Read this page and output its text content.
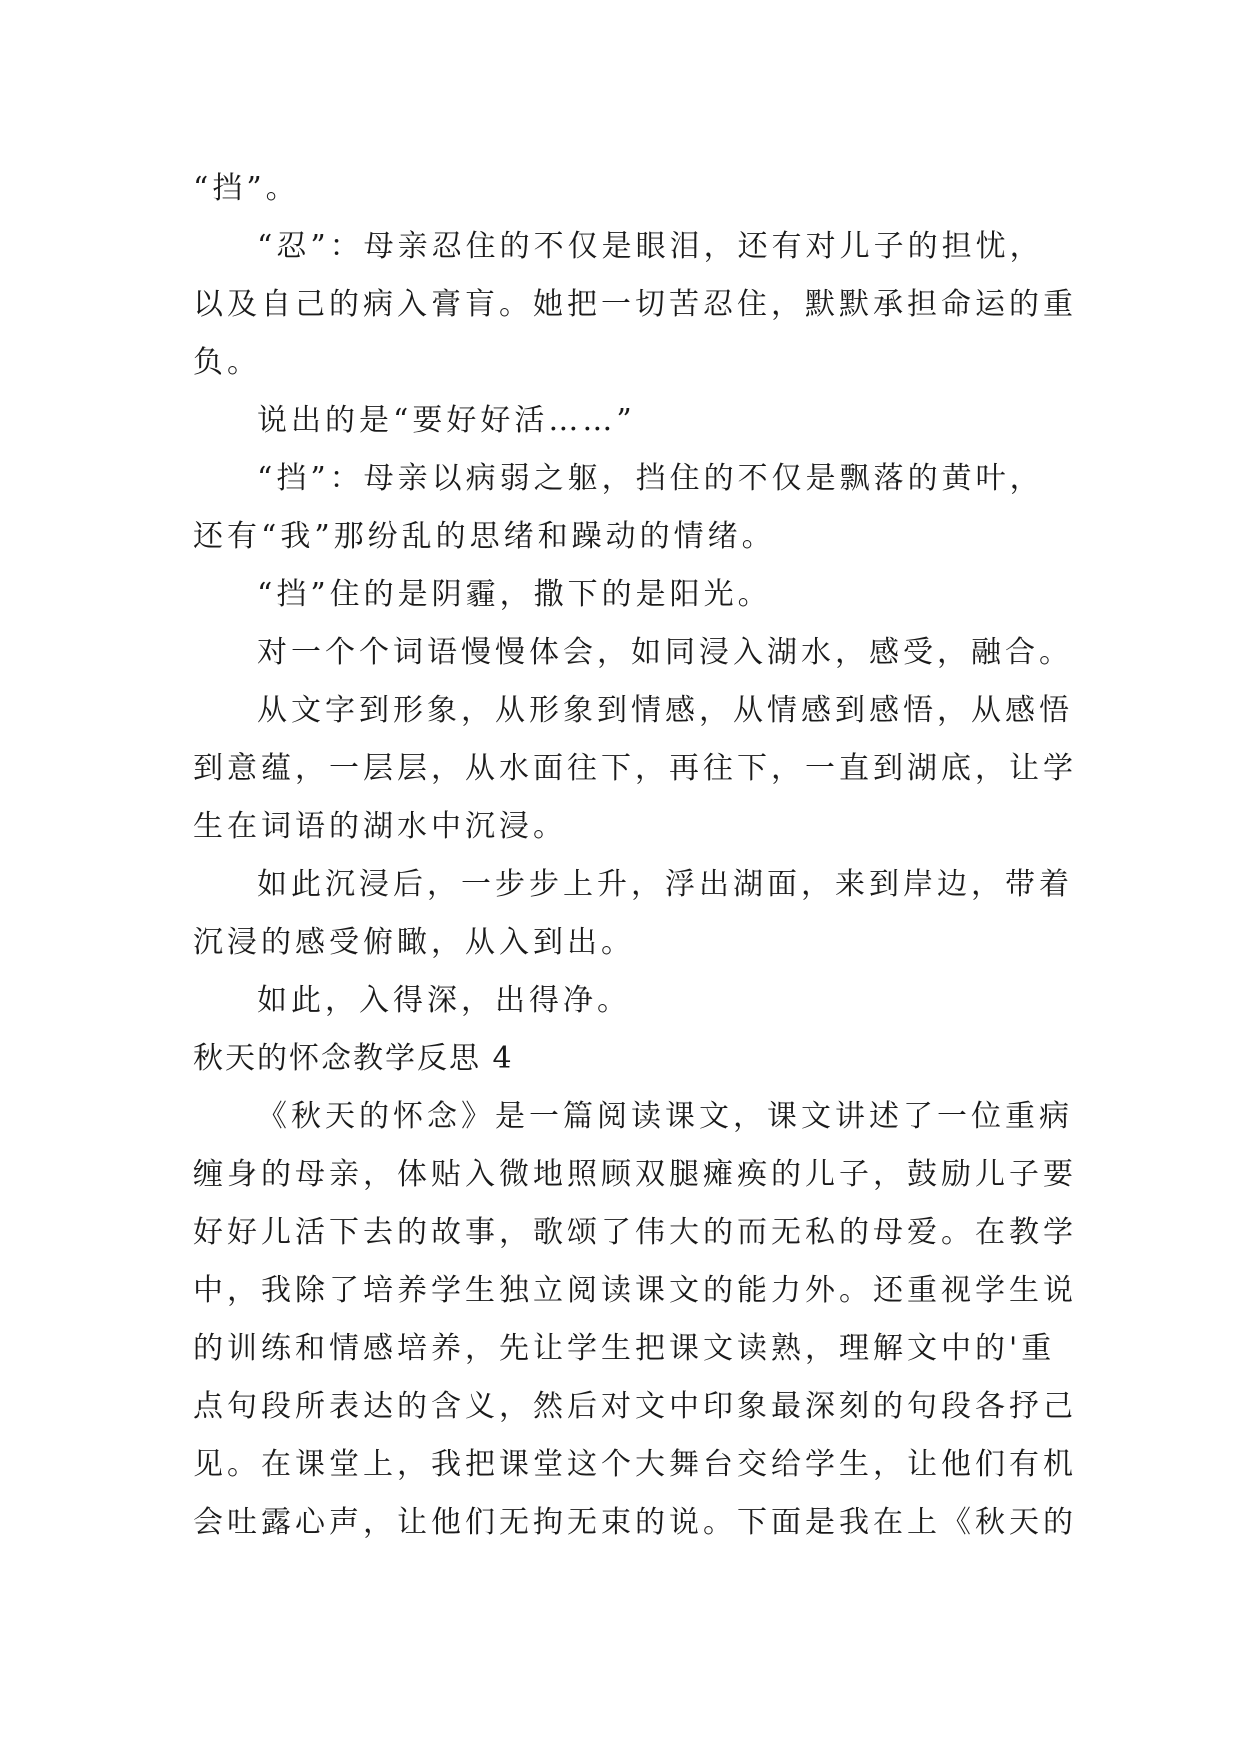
“挡”。
“忍”：母亲忍住的不仅是眼泪，还有对儿子的担忧，
以及自己的病入膏肓。她把一切苦忍住，默默承担命运的重
负。
说出的是“要好好活……”
“挡”：母亲以病弱之躯，挡住的不仅是飘落的黄叶，
还有“我”那纷乱的思绪和躁动的情绪。
“挡”住的是阴霾，撒下的是阳光。
对一个个词语慢慢体会，如同浸入湖水，感受，融合。
从文字到形象，从形象到情感，从情感到感悟，从感悟
到意蕴，一层层，从水面往下，再往下，一直到湖底，让学
生在词语的湖水中沉浸。
如此沉浸后，一步步上升，浮出湖面，来到岸边，带着
沉浸的感受俯瞰，从入到出。
如此，入得深，出得净。
秋天的怀念教学反思 4
《秋天的怀念》是一篇阅读课文，课文讲述了一位重病
缠身的母亲，体贴入微地照顾双腿瘫痪的儿子，鼓励儿子要
好好儿活下去的故事，歌颂了伟大的而无私的母爱。在教学
中，我除了培养学生独立阅读课文的能力外。还重视学生说
的训练和情感培养，先让学生把课文读熟，理解文中的'重
点句段所表达的含义，然后对文中印象最深刻的句段各抒己
见。在课堂上，我把课堂这个大舞台交给学生，让他们有机
会吐露心声，让他们无拘无束的说。下面是我在上《秋天的
